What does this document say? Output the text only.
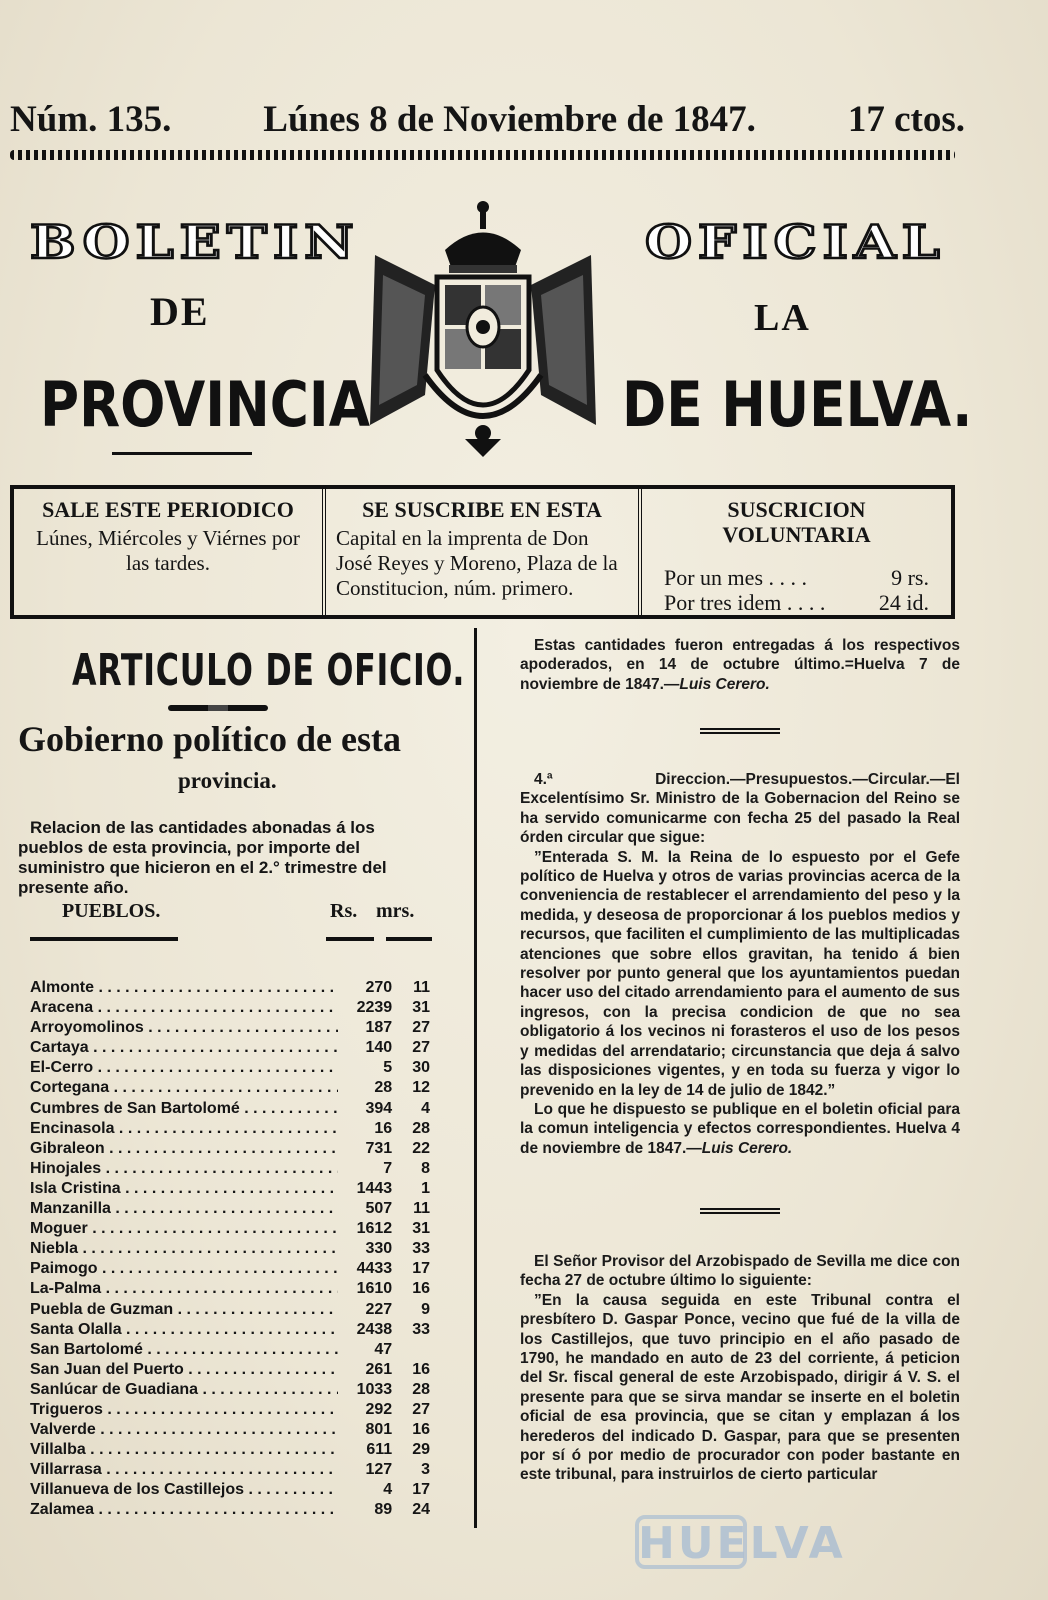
Núm. 135. Lúnes 8 de Noviembre de 1847. 17 ctos.
BOLETIN	OFICIAL
DE	LA
PROVINCIA	DE HUELVA.
SALE ESTE PERIODICO
Lúnes, Miércoles y Viérnes por las tardes.
SE SUSCRIBE EN ESTA
Capital en la imprenta de Don José Reyes y Moreno, Plaza de la Constitucion, núm. primero.
SUSCRICION VOLUNTARIA
Por un mes . . . .	9 rs.
Por tres idem . . . . 24 id.
ARTICULO DE OFICIO.
Gobierno político de esta
provincia.
Relacion de las cantidades abonadas á los pueblos de esta provincia, por importe del suministro que hicieron en el 2.° trimestre del presente año.
PUEBLOS.	Rs. mrs.
Almonte . . .	270	11
Aracena . . .	2239	31
Arroyomolinos . . .	187	27
Cartaya . . .	140	27
El-Cerro . . .	5	30
Cortegana . . .	28	12
Cumbres de San Bartolomé . . .	394	4
Encinasola . . .	16	28
Gibraleon . . .	731	22
Hinojales . . .	7	8
Isla Cristina . . .	1443	1
Manzanilla . . .	507	11
Moguer . . .	1612	31
Niebla . . .	330	33
Paimogo . . .	4433	17
La-Palma . . .	1610	16
Puebla de Guzman . . .	227	9
Santa Olalla . . .	2438	33
San Bartolomé . . .	47
San Juan del Puerto . . .	261	16
Sanlúcar de Guadiana . . .	1033	28
Trigueros . . .	292	27
Valverde . . .	801	16
Villalba . . .	611	29
Villarrasa . . .	127	3
Villanueva de los Castillejos . . .	4	17
Zalamea . . .	89	24

Estas cantidades fueron entregadas á los respectivos apoderados, en 14 de octubre último.=Huelva 7 de noviembre de 1847.—Luis Cerero.

4.ª Direccion.—Presupuestos.—Circular.—El Excelentísimo Sr. Ministro de la Gobernacion del Reino se ha servido comunicarme con fecha 25 del pasado la Real órden circular que sigue:

”Enterada S. M. la Reina de lo espuesto por el Gefe político de Huelva y otros de varias provincias acerca de la conveniencia de restablecer el arrendamiento del peso y la medida, y deseosa de proporcionar á los pueblos medios y recursos, que faciliten el cumplimiento de las multiplicadas atenciones que sobre ellos gravitan, ha tenido á bien resolver por punto general que los ayuntamientos puedan hacer uso del citado arrendamiento para el aumento de sus ingresos, con la precisa condicion de que no sea obligatorio á los vecinos ni forasteros el uso de los pesos y medidas del arrendatario; circunstancia que deja á salvo las disposiciones vigentes, y en toda su fuerza y vigor lo prevenido en la ley de 14 de julio de 1842.”

Lo que he dispuesto se publique en el boletin oficial para la comun inteligencia y efectos correspondientes. Huelva 4 de noviembre de 1847.—Luis Cerero.

El Señor Provisor del Arzobispado de Sevilla me dice con fecha 27 de octubre último lo siguiente:

”En la causa seguida en este Tribunal contra el presbítero D. Gaspar Ponce, vecino que fué de la villa de los Castillejos, que tuvo principio en el año pasado de 1790, he mandado en auto de 23 del corriente, á peticion del Sr. fiscal general de este Arzobispado, dirigir á V. S. el presente para que se sirva mandar se inserte en el boletin oficial de esa provincia, que se citan y emplazan á los herederos del indicado D. Gaspar, para que se presenten por sí ó por medio de procurador con poder bastante en este tribunal, para instruirlos de cierto particular

HUELVA
